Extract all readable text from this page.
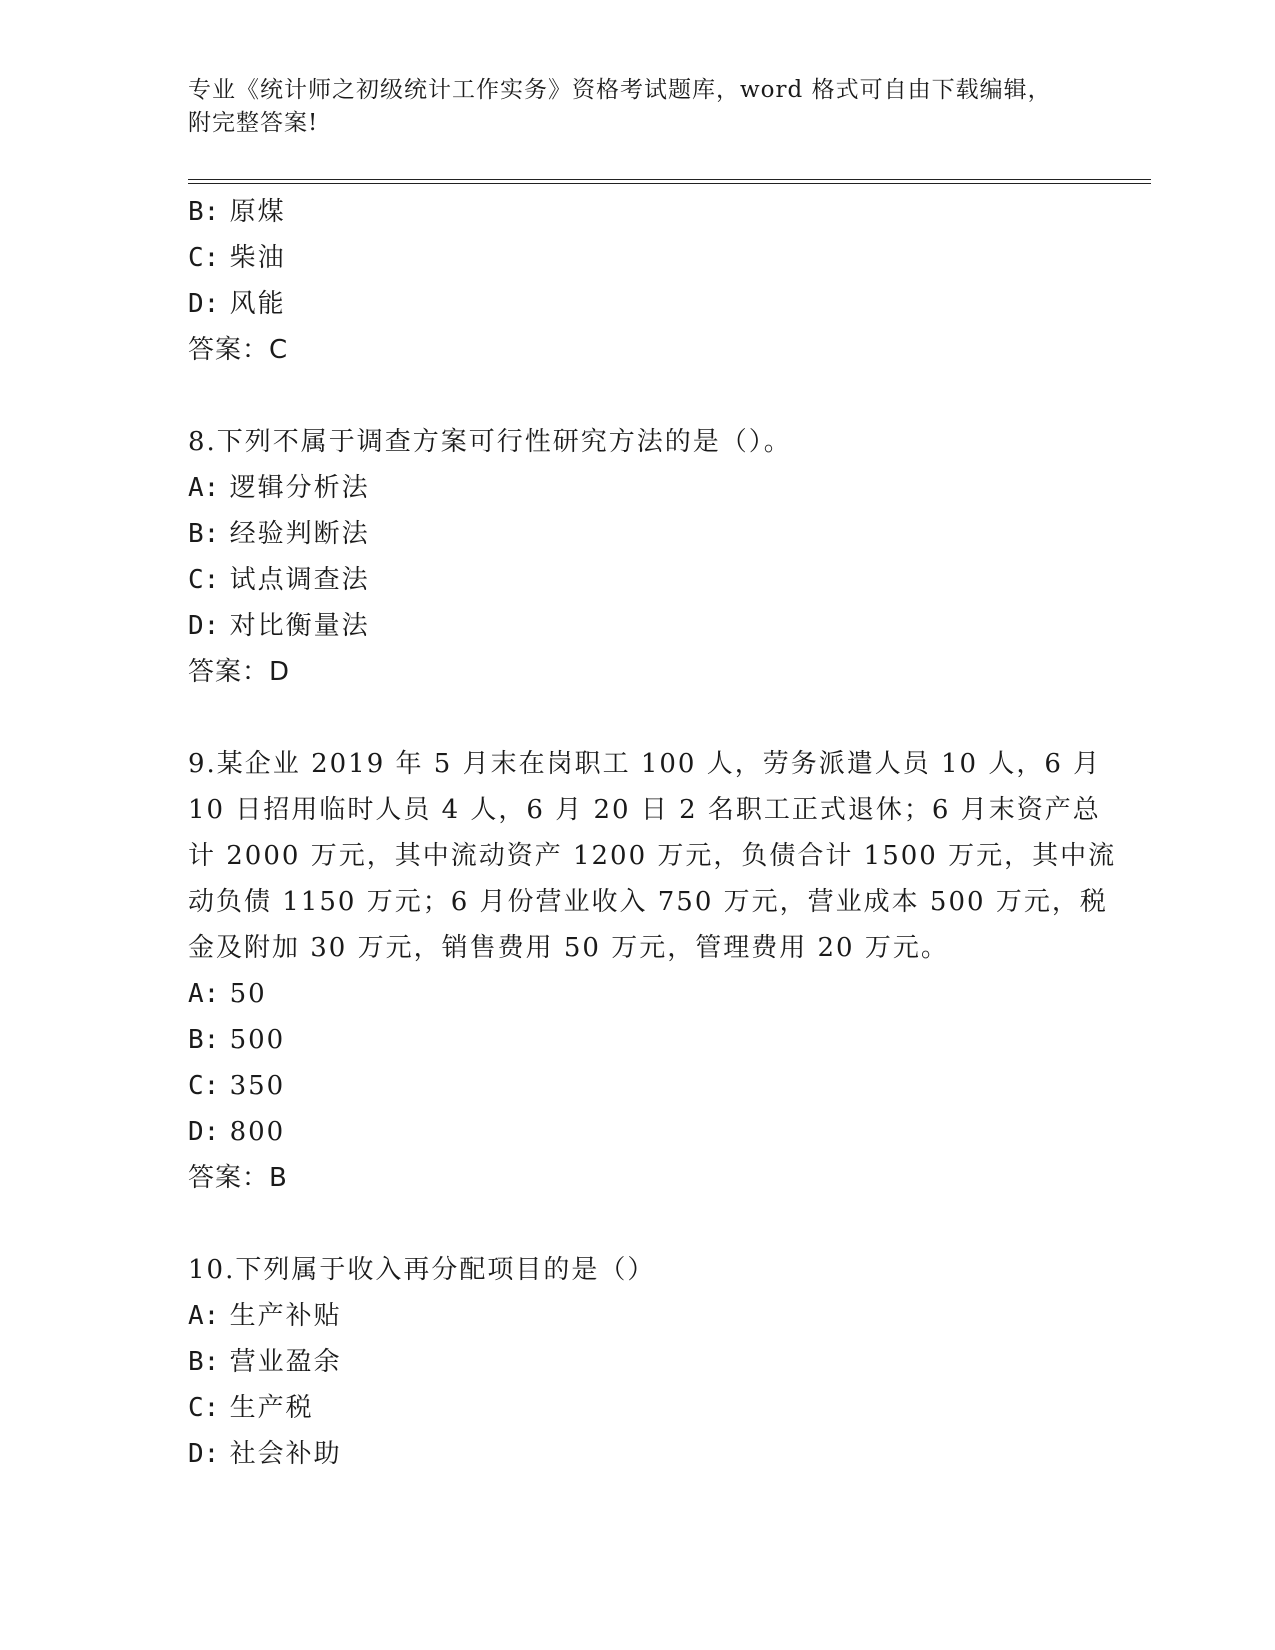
专业《统计师之初级统计工作实务》资格考试题库，word 格式可自由下载编辑，
附完整答案!
B: 原煤
C: 柴油
D: 风能
答案：C
8.下列不属于调查方案可行性研究方法的是（）。
A: 逻辑分析法
B: 经验判断法
C: 试点调查法
D: 对比衡量法
答案：D
9.某企业 2019 年 5 月末在岗职工 100 人，劳务派遣人员 10 人，6 月
10 日招用临时人员 4 人，6 月 20 日 2 名职工正式退休；6 月末资产总
计 2000 万元，其中流动资产 1200 万元，负债合计 1500 万元，其中流
动负债 1150 万元；6 月份营业收入 750 万元，营业成本 500 万元，税
金及附加 30 万元，销售费用 50 万元，管理费用 20 万元。
A: 50
B: 500
C: 350
D: 800
答案：B
10.下列属于收入再分配项目的是（）
A: 生产补贴
B: 营业盈余
C: 生产税
D: 社会补助
